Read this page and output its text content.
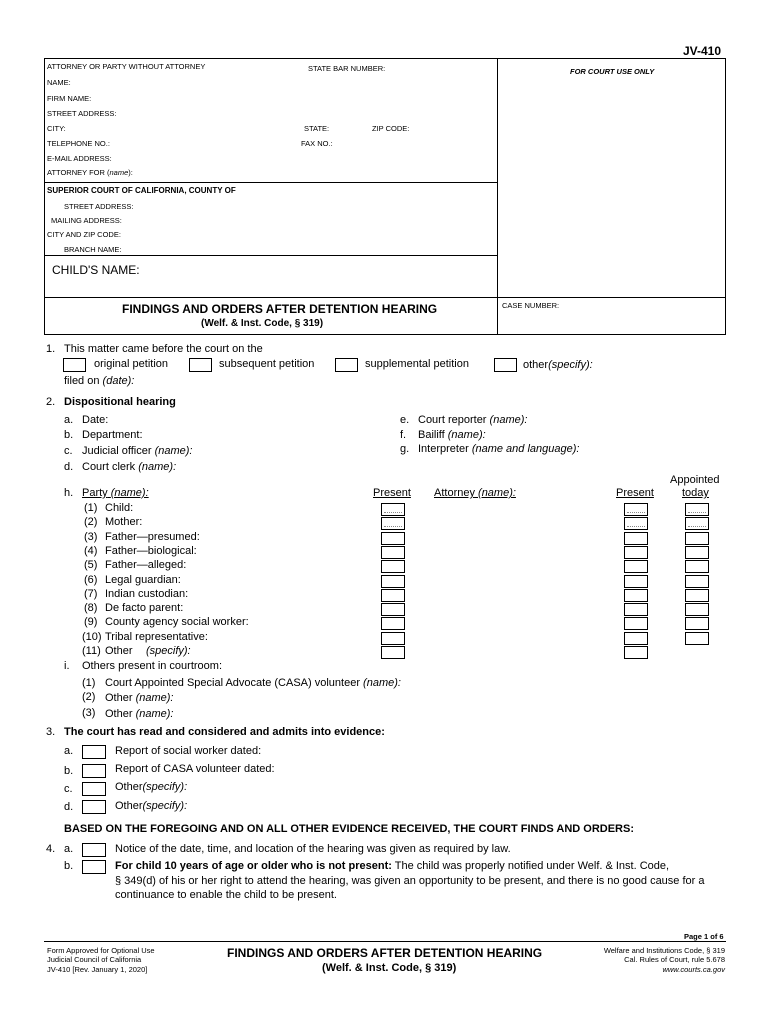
JV-410
ATTORNEY OR PARTY WITHOUT ATTORNEY	STATE BAR NUMBER:	FOR COURT USE ONLY
NAME:
FIRM NAME:
STREET ADDRESS:
CITY:	STATE:	ZIP CODE:
TELEPHONE NO.:	FAX NO.:
E-MAIL ADDRESS:
ATTORNEY FOR (name):
SUPERIOR COURT OF CALIFORNIA, COUNTY OF
STREET ADDRESS:
MAILING ADDRESS:
CITY AND ZIP CODE:
BRANCH NAME:
CHILD'S NAME:
FINDINGS AND ORDERS AFTER DETENTION HEARING
(Welf. & Inst. Code, § 319)
CASE NUMBER:
1. This matter came before the court on the
original petition	subsequent petition	supplemental petition	other(specify):
filed on (date):
2. Dispositional hearing
a. Date:
b. Department:
c. Judicial officer (name):
d. Court clerk (name):
e. Court reporter (name):
f. Bailiff (name):
g. Interpreter (name and language):
h. Party (name):	Present Attorney (name):	Present
Appointed
today
(1) Child:
(2) Mother:
(3) Father—presumed:
(4) Father—biological:
(5) Father—alleged:
(6) Legal guardian:
(7) Indian custodian:
(8) De facto parent:
(9) County agency social worker:
(10) Tribal representative:
(11) Other (specify):
i. Others present in courtroom:
(1) Court Appointed Special Advocate (CASA) volunteer (name):
(2) Other (name):
(3) Other (name):
3. The court has read and considered and admits into evidence:
a.	Report of social worker dated:
b.	Report of CASA volunteer dated:
c.	Other(specify):
d.	Other(specify):
BASED ON THE FOREGOING AND ON ALL OTHER EVIDENCE RECEIVED, THE COURT FINDS AND ORDERS:
4. a.	Notice of the date, time, and location of the hearing was given as required by law.
b.	For child 10 years of age or older who is not present: The child was properly notified under Welf. & Inst. Code,
§ 349(d) of his or her right to attend the hearing, was given an opportunity to be present, and there is no good cause for a
continuance to enable the child to be present.
Page 1 of 6
Form Approved for Optional Use
Judicial Council of California
JV-410 [Rev. January 1, 2020]
FINDINGS AND ORDERS AFTER DETENTION HEARING
(Welf. & Inst. Code, § 319)
Welfare and Institutions Code, § 319
Cal. Rules of Court, rule 5.678
www.courts.ca.gov
